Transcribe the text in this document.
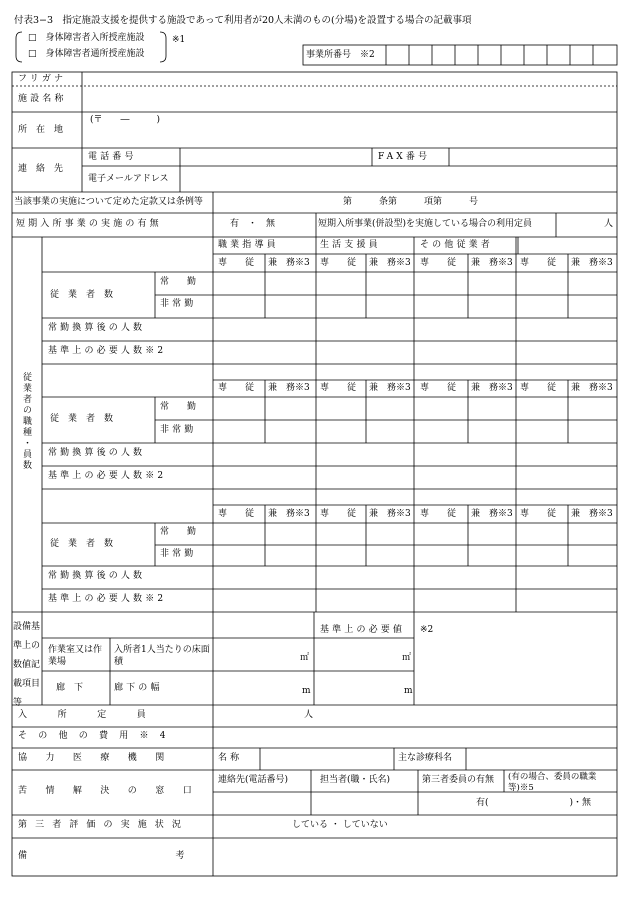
付表3−3　指定施設支援を提供する施設であって利用者が20人未満のもの(分場)を設置する場合の記載事項
□　身体障害者入所授産施設
□　身体障害者通所授産施設
※1
事業所番号　※2
フリガナ
施設名称
所在地
(〒　　―　　　)
連絡先
電話番号	FAX番号
電子メールアドレス
当該事業の実施について定めた定款又は条例等	第　　　条第　　　項第　　　号
短期入所事業の実施の有無	有　・　無	短期入所事業(併設型)を実施している場合の利用定員	人
従業者の職種・員数
職業指導員	生活支援員	その他従業者
専　　従 兼　務※3 専　　従 兼　務※3 専　　従 兼　務※3 専　　従 兼　務※3
従業者数
常　　勤
非常勤
常勤換算後の人数
基準上の必要人数※2
専　　従 兼　務※3 専　　従 兼　務※3 専　　従 兼　務※3 専　　従 兼　務※3
従業者数
常　　勤
非常勤
常勤換算後の人数
基準上の必要人数※2
専　　従 兼　務※3 専　　従 兼　務※3 専　　従 兼　務※3 専　　従 兼　務※3
従業者数
常　　勤
非常勤
常勤換算後の人数
基準上の必要人数※2
設備基準上の数値記載項目等
基準上の必要値 ※2
作業室又は作業場
入所者1人当たりの床面積	㎡	㎡
廊下 廊下の幅	m	m
入所定員	人
その他の費用※4
協力医療機関	名称	主な診療科名
苦情解決の窓口
連絡先(電話番号)	担当者(職・氏名)	第三者委員の有無 (有の場合、委員の職業等)※5
有(　　　　　　　　　)・無
第三者評価の実施状況	している ・ していない
備考
